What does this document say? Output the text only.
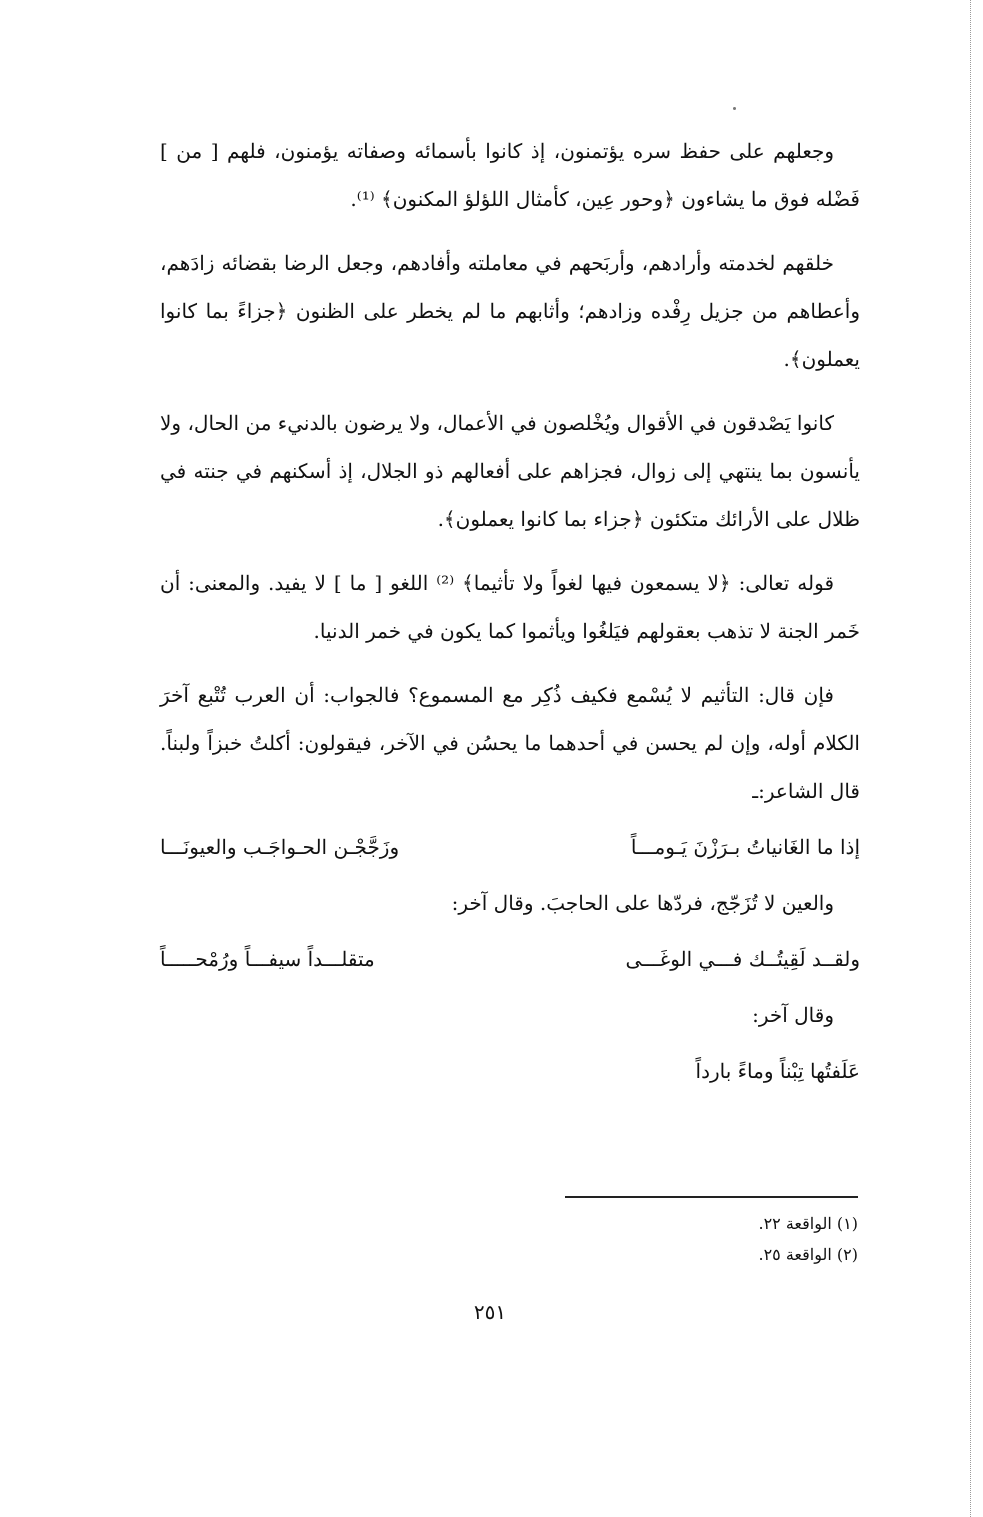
وجعلهم على حفظ سره يؤتمنون، إذ كانوا بأسمائه وصفاته يؤمنون، فلهم [ من ] فَضْله فوق ما يشاءون ﴿وحور عِين، كأمثال اللؤلؤ المكنون﴾ ⁽¹⁾.

خلقهم لخدمته وأرادهم، وأربَحهم في معاملته وأفادهم، وجعل الرضا بقضائه زادَهم، وأعطاهم من جزيل رِفْده وزادهم؛ وأثابهم ما لم يخطر على الظنون ﴿جزاءً بما كانوا يعملون﴾.

كانوا يَصْدقون في الأقوال ويُخْلصون في الأعمال، ولا يرضون بالدنيء من الحال، ولا يأنسون بما ينتهي إلى زوال، فجزاهم على أفعالهم ذو الجلال، إذ أسكنهم في جنته في ظلال على الأرائك متكئون ﴿جزاء بما كانوا يعملون﴾.

قوله تعالى: ﴿لا يسمعون فيها لغواً ولا تأثيما﴾ ⁽²⁾ اللغو [ ما ] لا يفيد. والمعنى: أن خَمر الجنة لا تذهب بعقولهم فيَلغُوا ويأثموا كما يكون في خمر الدنيا.

فإن قال: التأثيم لا يُسْمع فكيف ذُكِر مع المسموع؟ فالجواب: أن العرب تُتْبع آخرَ الكلام أوله، وإن لم يحسن في أحدهما ما يحسُن في الآخر، فيقولون: أكلتُ خبزاً ولبناً. قال الشاعر:ـ

إذا ما الغَانياتُ بـرَزْنَ يَـومـــاً
وزَجَّجْـن الحـواجَـب والعيونَـــا

والعين لا تُزَجّج، فردّها على الحاجبَ. وقال آخر:

ولقــد لَقِيتُــك فـــي الوغَـــى
متقلـــداً سيفـــاً ورُمْحـــــاً

وقال آخر:

عَلَفتُها تِبْناً وماءً بارداً
(١) الواقعة ٢٢.
(٢) الواقعة ٢٥.
٢٥١
